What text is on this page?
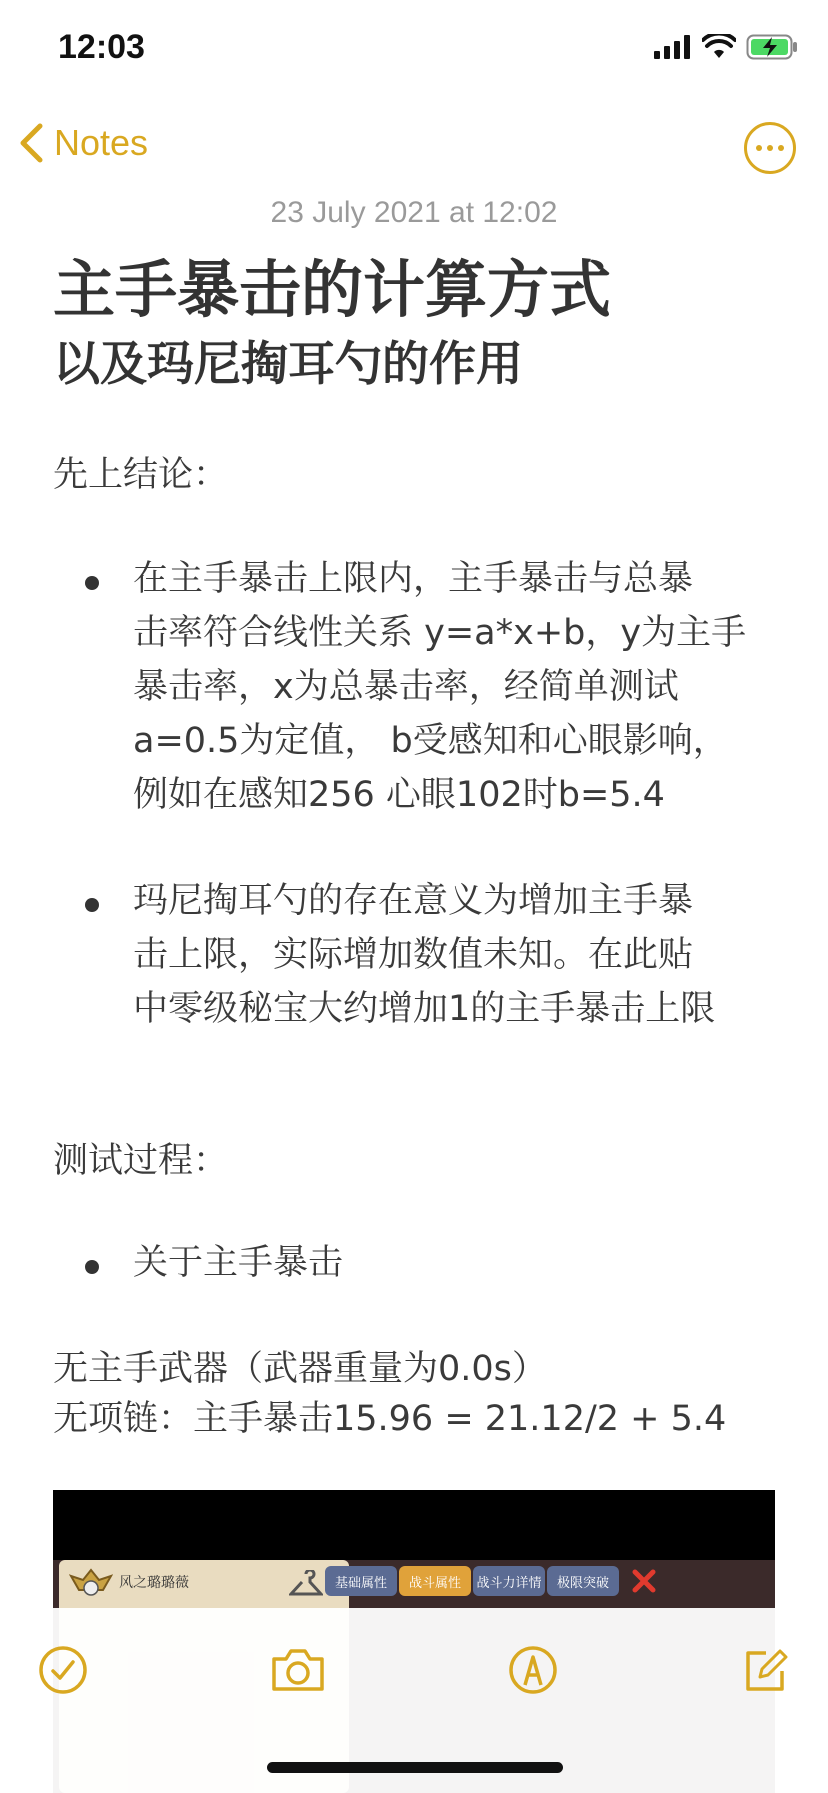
12:03
Notes
23 July 2021 at 12:02
主手暴击的计算方式
以及玛尼掏耳勺的作用
先上结论：
在主手暴击上限内，主手暴击与总暴
击率符合线性关系 y=a*x+b，y为主手
暴击率，x为总暴击率，经简单测试
a=0.5为定值， b受感知和心眼影响，
例如在感知256 心眼102时b=5.4
玛尼掏耳勺的存在意义为增加主手暴
击上限，实际增加数值未知。在此贴
中零级秘宝大约增加1的主手暴击上限
测试过程：
关于主手暴击
无主手武器（武器重量为0.0s）
无项链：主手暴击15.96 = 21.12/2 + 5.4
风之璐璐薇	基础属性	战斗属性	战斗力详情	极限突破
